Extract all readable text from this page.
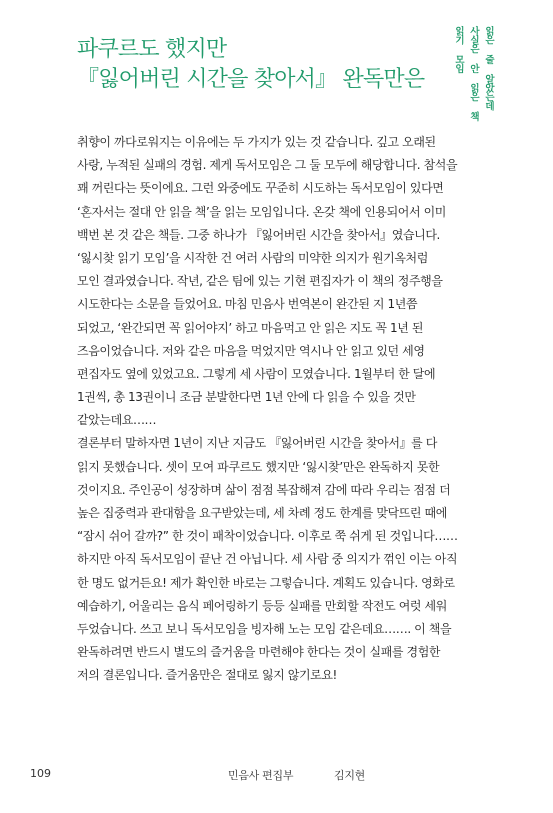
파쿠르도 했지만
『잃어버린 시간을 찾아서』 완독만은	읽은 줄 알았는데
사실은 안 읽은 책
읽기 모임
취향이 까다로워지는 이유에는 두 가지가 있는 것 같습니다. 깊고 오래된
사랑, 누적된 실패의 경험. 제게 독서모임은 그 둘 모두에 해당합니다. 참석을
꽤 꺼린다는 뜻이에요. 그런 와중에도 꾸준히 시도하는 독서모임이 있다면
‘혼자서는 절대 안 읽을 책’을 읽는 모임입니다. 온갖 책에 인용되어서 이미
백번 본 것 같은 책들. 그중 하나가 『잃어버린 시간을 찾아서』였습니다.
‘잃시찾 읽기 모임’을 시작한 건 여러 사람의 미약한 의지가 원기옥처럼
모인 결과였습니다. 작년, 같은 팀에 있는 기현 편집자가 이 책의 정주행을
시도한다는 소문을 들었어요. 마침 민음사 번역본이 완간된 지 1년쯤
되었고, ‘완간되면 꼭 읽어야지’ 하고 마음먹고 안 읽은 지도 꼭 1년 된
즈음이었습니다. 저와 같은 마음을 먹었지만 역시나 안 읽고 있던 세영
편집자도 옆에 있었고요. 그렇게 세 사람이 모였습니다. 1월부터 한 달에
1권씩, 총 13권이니 조금 분발한다면 1년 안에 다 읽을 수 있을 것만
같았는데요……
결론부터 말하자면 1년이 지난 지금도 『잃어버린 시간을 찾아서』를 다
읽지 못했습니다. 셋이 모여 파쿠르도 했지만 ‘잃시찾’만은 완독하지 못한
것이지요. 주인공이 성장하며 삶이 점점 복잡해져 감에 따라 우리는 점점 더
높은 집중력과 관대함을 요구받았는데, 세 차례 정도 한계를 맞닥뜨린 때에
“잠시 쉬어 갈까?” 한 것이 패착이었습니다. 이후로 쭉 쉬게 된 것입니다……
하지만 아직 독서모임이 끝난 건 아닙니다. 세 사람 중 의지가 꺾인 이는 아직
한 명도 없거든요! 제가 확인한 바로는 그렇습니다. 계획도 있습니다. 영화로
예습하기, 어울리는 음식 페어링하기 등등 실패를 만회할 작전도 여럿 세워
두었습니다. 쓰고 보니 독서모임을 빙자해 노는 모임 같은데요……. 이 책을
완독하려면 반드시 별도의 즐거움을 마련해야 한다는 것이 실패를 경험한
저의 결론입니다. 즐거움만은 절대로 잃지 않기로요!
109	민음사 편집부	김지현
